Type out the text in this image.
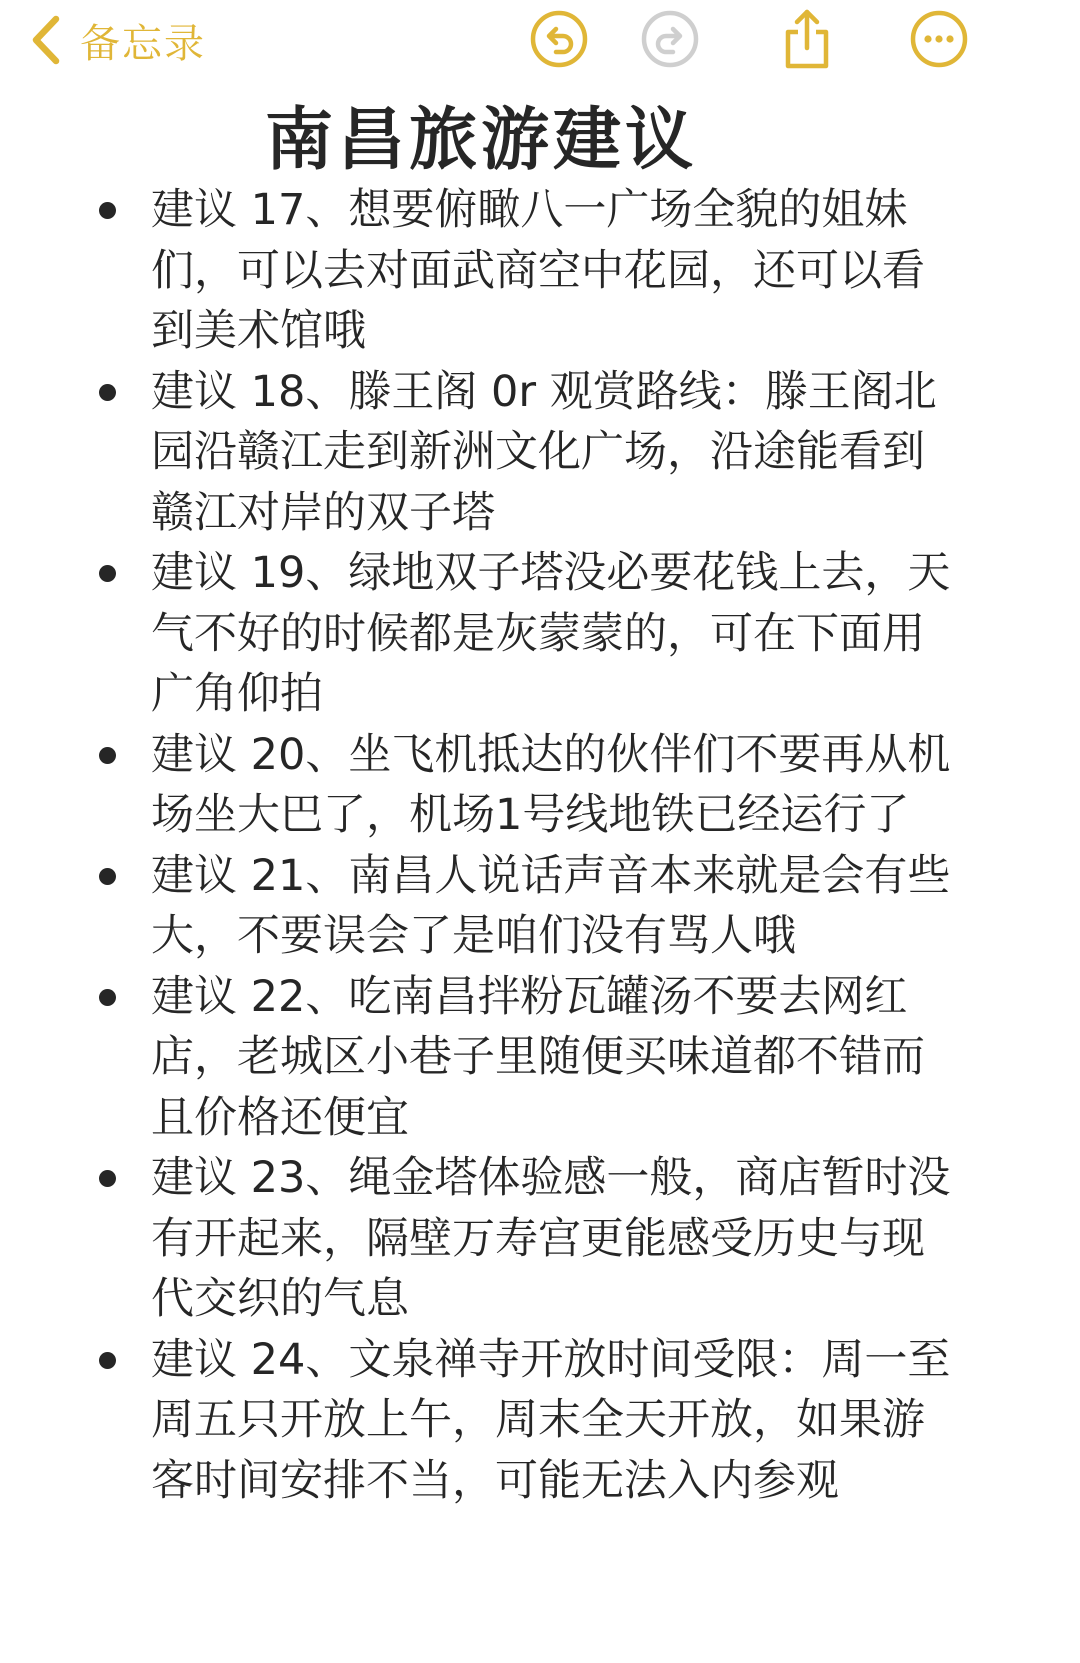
备忘录
南昌旅游建议
建议 17、想要俯瞰八一广场全貌的姐妹们，可以去对面武商空中花园，还可以看到美术馆哦
建议 18、滕王阁 0r 观赏路线：滕王阁北园沿赣江走到新洲文化广场，沿途能看到赣江对岸的双子塔
建议 19、绿地双子塔没必要花钱上去，天气不好的时候都是灰蒙蒙的，可在下面用广角仰拍
建议 20、坐飞机抵达的伙伴们不要再从机场坐大巴了，机场1号线地铁已经运行了
建议 21、南昌人说话声音本来就是会有些大，不要误会了是咱们没有骂人哦
建议 22、吃南昌拌粉瓦罐汤不要去网红店，老城区小巷子里随便买味道都不错而且价格还便宜
建议 23、绳金塔体验感一般，商店暂时没有开起来，隔壁万寿宫更能感受历史与现代交织的气息
建议 24、文泉禅寺开放时间受限：周一至周五只开放上午，周末全天开放，如果游客时间安排不当，可能无法入内参观
